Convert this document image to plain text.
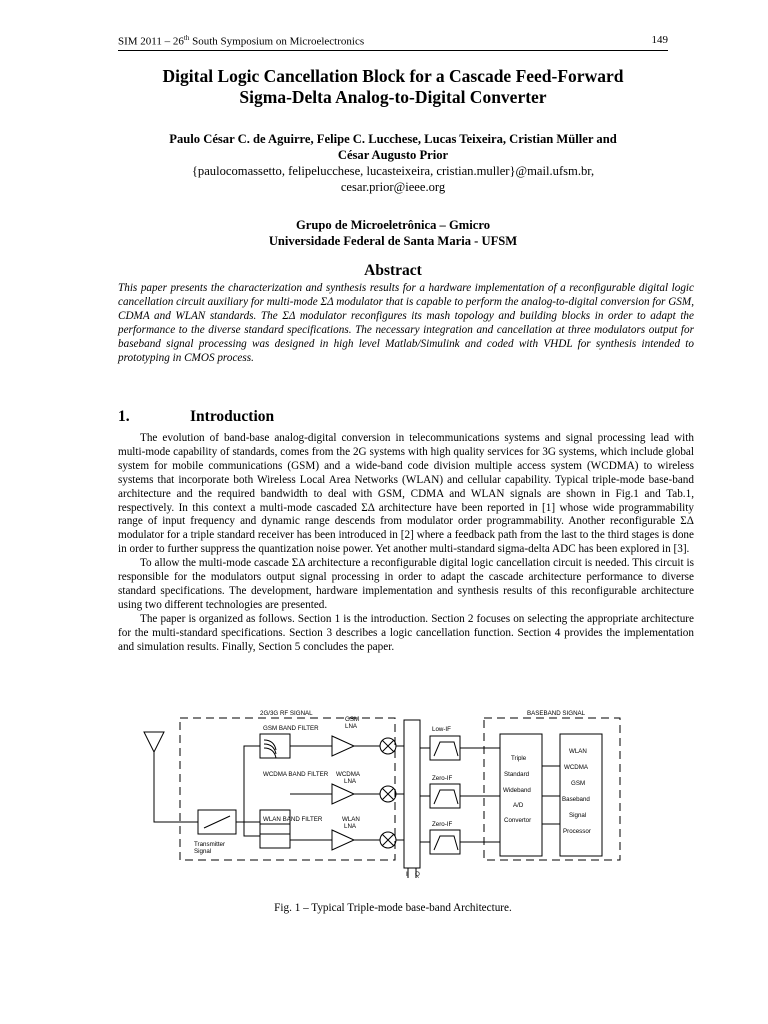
SIM 2011 – 26th South Symposium on Microelectronics	149
Digital Logic Cancellation Block for a Cascade Feed-Forward
Sigma-Delta Analog-to-Digital Converter
Paulo César C. de Aguirre, Felipe C. Lucchese, Lucas Teixeira, Cristian Müller and
César Augusto Prior
{paulocomassetto, felipelucchese, lucasteixeira, cristian.muller}@mail.ufsm.br,
cesar.prior@ieee.org
Grupo de Microeletrônica – Gmicro
Universidade Federal de Santa Maria - UFSM
Abstract
This paper presents the characterization and synthesis results for a hardware implementation of a reconfigurable digital logic cancellation circuit auxiliary for multi-mode ΣΔ modulator that is capable to perform the analog-to-digital conversion for GSM, CDMA and WLAN standards. The ΣΔ modulator reconfigures its mash topology and building blocks in order to adapt the performance to the diverse standard specifications. The necessary integration and cancellation at three modulators output for baseband signal processing was designed in high level Matlab/Simulink and coded with VHDL for synthesis intended to prototyping in CMOS process.
1.	Introduction

The evolution of band-base analog-digital conversion in telecommunications systems and signal processing lead with multi-mode capability of standards, comes from the 2G systems with high quality services for 3G systems, which include global system for mobile communications (GSM) and a wide-band code division multiple access system (WCDMA) to wireless systems that incorporate both Wireless Local Area Networks (WLAN) and cellular capability. Typical triple-mode base-band architecture and the required bandwidth to deal with GSM, CDMA and WLAN signals are shown in Fig.1 and Tab.1, respectively. In this context a multi-mode cascaded ΣΔ architecture have been reported in [1] whose wide programmability range of input frequency and dynamic range descends from modulator order programmability. Another reconfigurable ΣΔ modulator for a triple standard receiver has been introduced in [2] where a feedback path from the last to the third stages is done in order to further suppress the quantization noise power. Yet another multi-standard sigma-delta ADC has been explored in [3].

To allow the multi-mode cascade ΣΔ architecture a reconfigurable digital logic cancellation circuit is needed. This circuit is responsible for the modulators output signal processing in order to adapt the cascade architecture performance to diverse standard specifications. The development, hardware implementation and synthesis results of this reconfigurable architecture using two different technologies are presented.

The paper is organized as follows. Section 1 is the introduction. Section 2 focuses on selecting the appropriate architecture for the multi-standard specifications. Section 3 describes a logic cancellation function. Section 4 provides the implementation and simulation results. Finally, Section 5 concludes the paper.

2G/3G RF SIGNAL	BASEBAND SIGNAL
GSM BAND FILTER
WCDMA BAND FILTER
WLAN BAND FILTER
GSM
LNA
WCDMA
LNA
WLAN
LNA
Low-IF
Zero-IF
Zero-IF
Transmitter
Signal
Triple
Standard
Wideband
A/D
Convertor
WLAN
WCDMA
GSM
Baseband
Signal
Processor
I Q
Fig. 1 – Typical Triple-mode base-band Architecture.
